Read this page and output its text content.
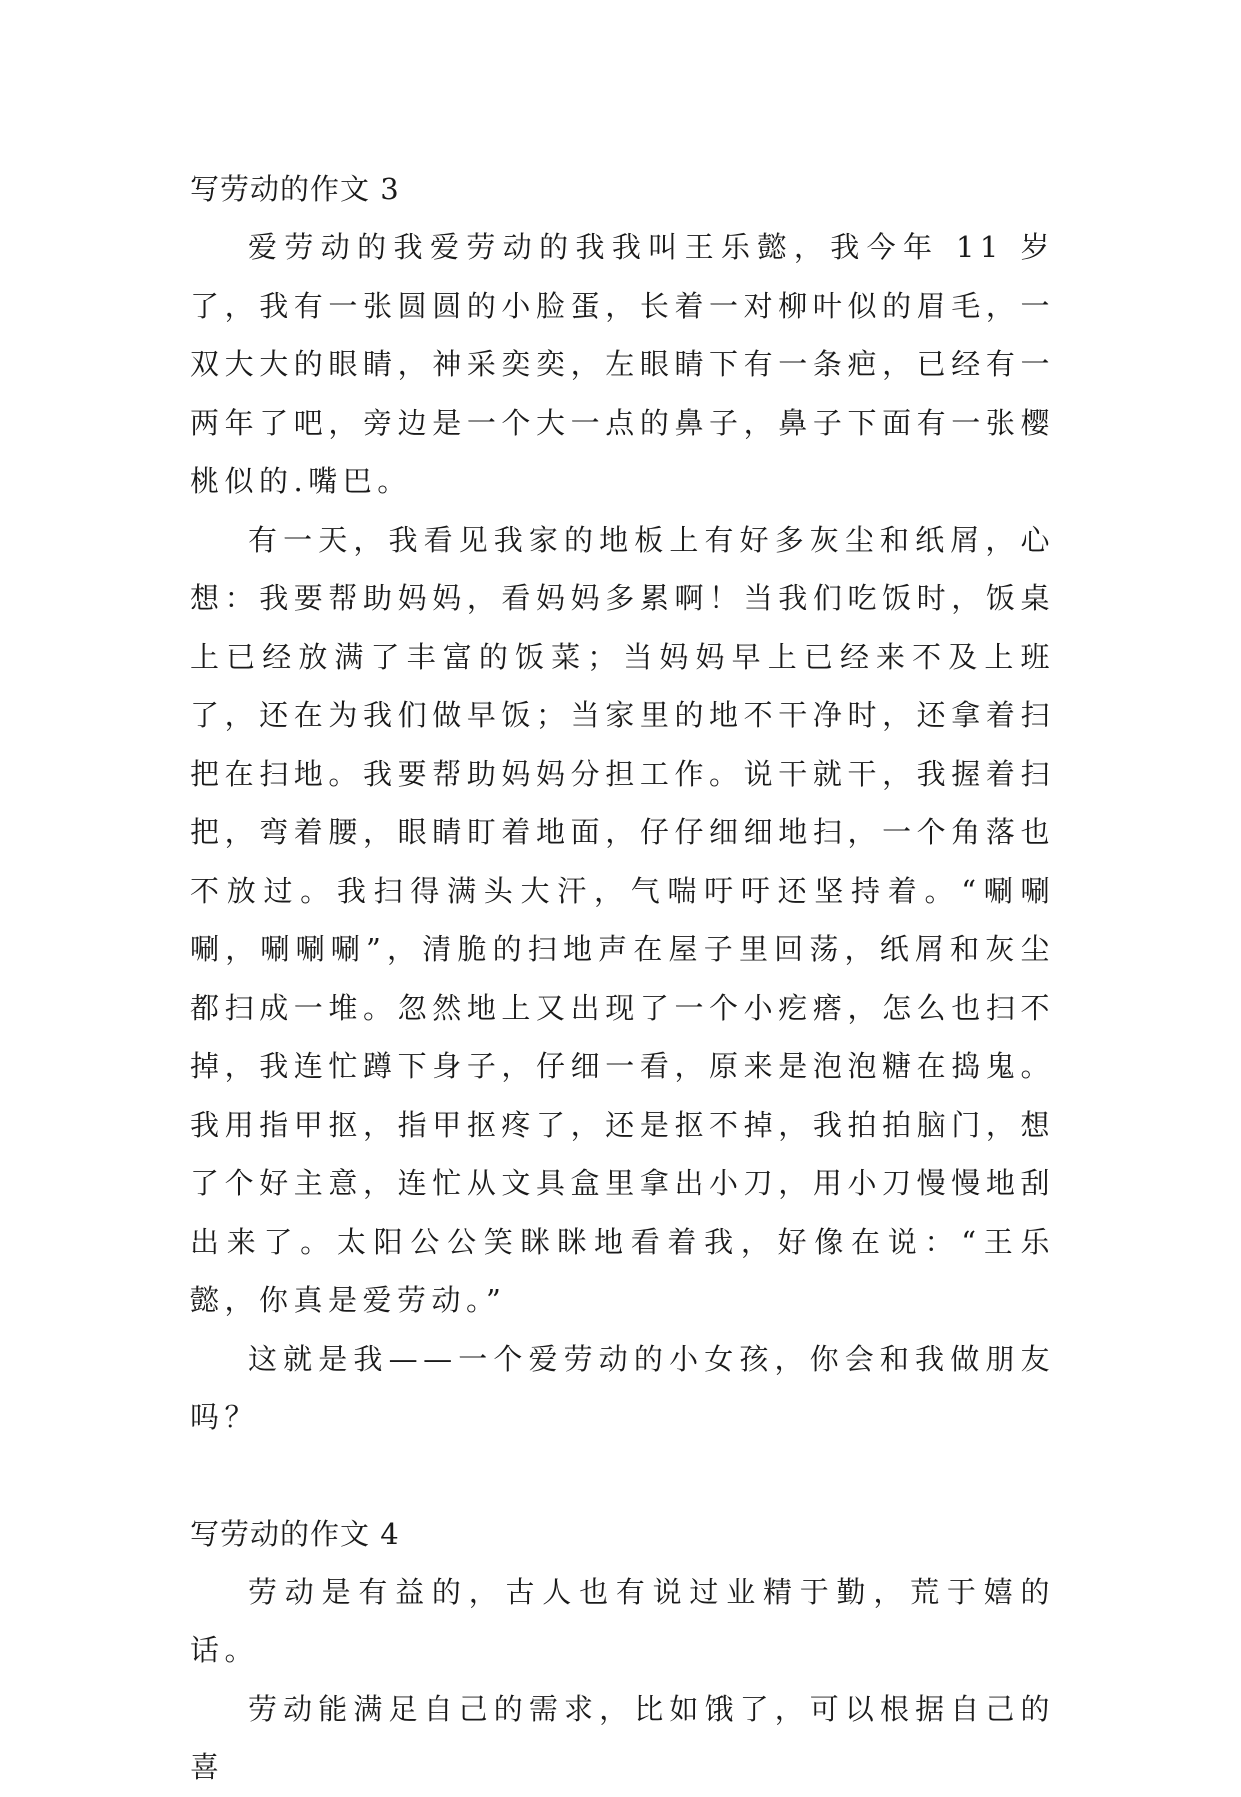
写劳动的作文 3

爱劳动的我爱劳动的我我叫王乐懿，我今年 11 岁了，我有一张圆圆的小脸蛋，长着一对柳叶似的眉毛，一双大大的眼睛，神采奕奕，左眼睛下有一条疤，已经有一两年了吧，旁边是一个大一点的鼻子，鼻子下面有一张樱桃似的.嘴巴。

有一天，我看见我家的地板上有好多灰尘和纸屑，心想：我要帮助妈妈，看妈妈多累啊！当我们吃饭时，饭桌上已经放满了丰富的饭菜；当妈妈早上已经来不及上班了，还在为我们做早饭；当家里的地不干净时，还拿着扫把在扫地。我要帮助妈妈分担工作。说干就干，我握着扫把，弯着腰，眼睛盯着地面，仔仔细细地扫，一个角落也不放过。我扫得满头大汗，气喘吁吁还坚持着。“唰唰唰，唰唰唰”，清脆的扫地声在屋子里回荡，纸屑和灰尘都扫成一堆。忽然地上又出现了一个小疙瘩，怎么也扫不掉，我连忙蹲下身子，仔细一看，原来是泡泡糖在捣鬼。我用指甲抠，指甲抠疼了，还是抠不掉，我拍拍脑门，想了个好主意，连忙从文具盒里拿出小刀，用小刀慢慢地刮出来了。太阳公公笑眯眯地看着我，好像在说：“王乐懿，你真是爱劳动。”

这就是我——一个爱劳动的小女孩，你会和我做朋友吗？

写劳动的作文 4

劳动是有益的，古人也有说过业精于勤，荒于嬉的话。

劳动能满足自己的需求，比如饿了，可以根据自己的喜
